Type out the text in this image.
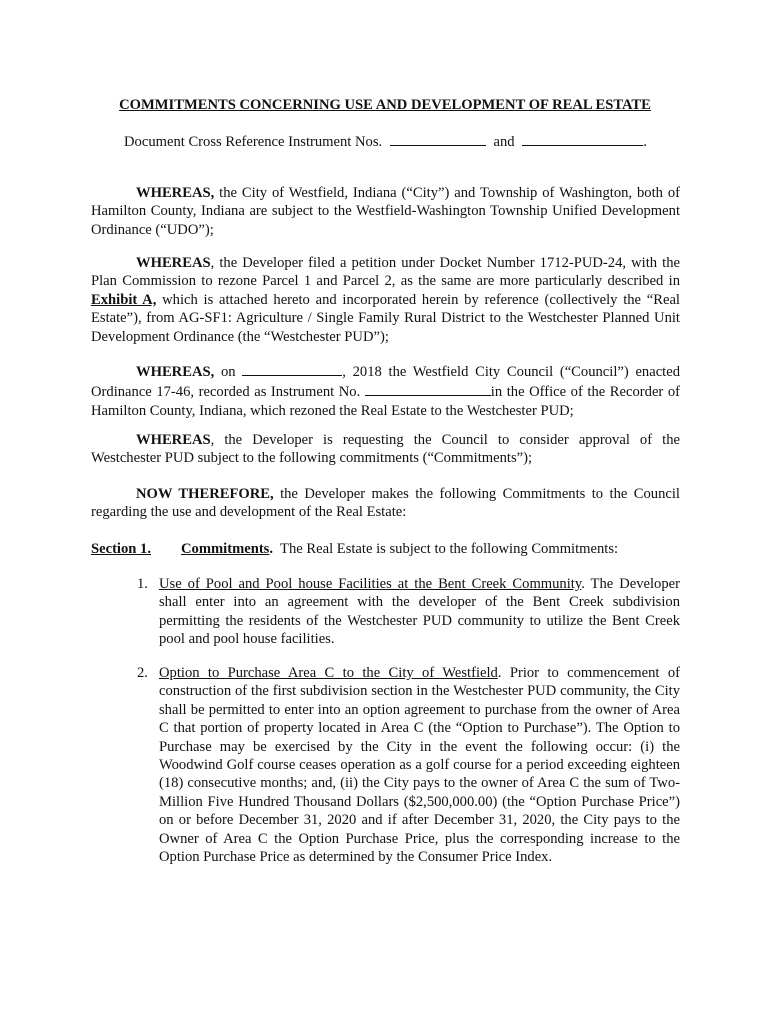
COMMITMENTS CONCERNING USE AND DEVELOPMENT OF REAL ESTATE
Document Cross Reference Instrument Nos.	and	.
WHEREAS, the City of Westfield, Indiana (“City”) and Township of Washington, both of Hamilton County, Indiana are subject to the Westfield-Washington Township Unified Development Ordinance (“UDO”);
WHEREAS, the Developer filed a petition under Docket Number 1712-PUD-24, with the Plan Commission to rezone Parcel 1 and Parcel 2, as the same are more particularly described in Exhibit A, which is attached hereto and incorporated herein by reference (collectively the “Real Estate”), from AG-SF1: Agriculture / Single Family Rural District to the Westchester Planned Unit Development Ordinance (the “Westchester PUD”);
WHEREAS, on	, 2018 the Westfield City Council (“Council”) enacted Ordinance 17-46, recorded as Instrument No.	in the Office of the Recorder of Hamilton County, Indiana, which rezoned the Real Estate to the Westchester PUD;
WHEREAS, the Developer is requesting the Council to consider approval of the Westchester PUD subject to the following commitments (“Commitments”);
NOW THEREFORE, the Developer makes the following Commitments to the Council regarding the use and development of the Real Estate:
Section 1. Commitments.  The Real Estate is subject to the following Commitments:
1. Use of Pool and Pool house Facilities at the Bent Creek Community. The Developer shall enter into an agreement with the developer of the Bent Creek subdivision permitting the residents of the Westchester PUD community to utilize the Bent Creek pool and pool house facilities.
2. Option to Purchase Area C to the City of Westfield. Prior to commencement of construction of the first subdivision section in the Westchester PUD community, the City shall be permitted to enter into an option agreement to purchase from the owner of Area C that portion of property located in Area C (the “Option to Purchase”). The Option to Purchase may be exercised by the City in the event the following occur: (i) the Woodwind Golf course ceases operation as a golf course for a period exceeding eighteen (18) consecutive months; and, (ii) the City pays to the owner of Area C the sum of Two-Million Five Hundred Thousand Dollars ($2,500,000.00) (the “Option Purchase Price”) on or before December 31, 2020 and if after December 31, 2020, the City pays to the Owner of Area C the Option Purchase Price, plus the corresponding increase to the Option Purchase Price as determined by the Consumer Price Index.
